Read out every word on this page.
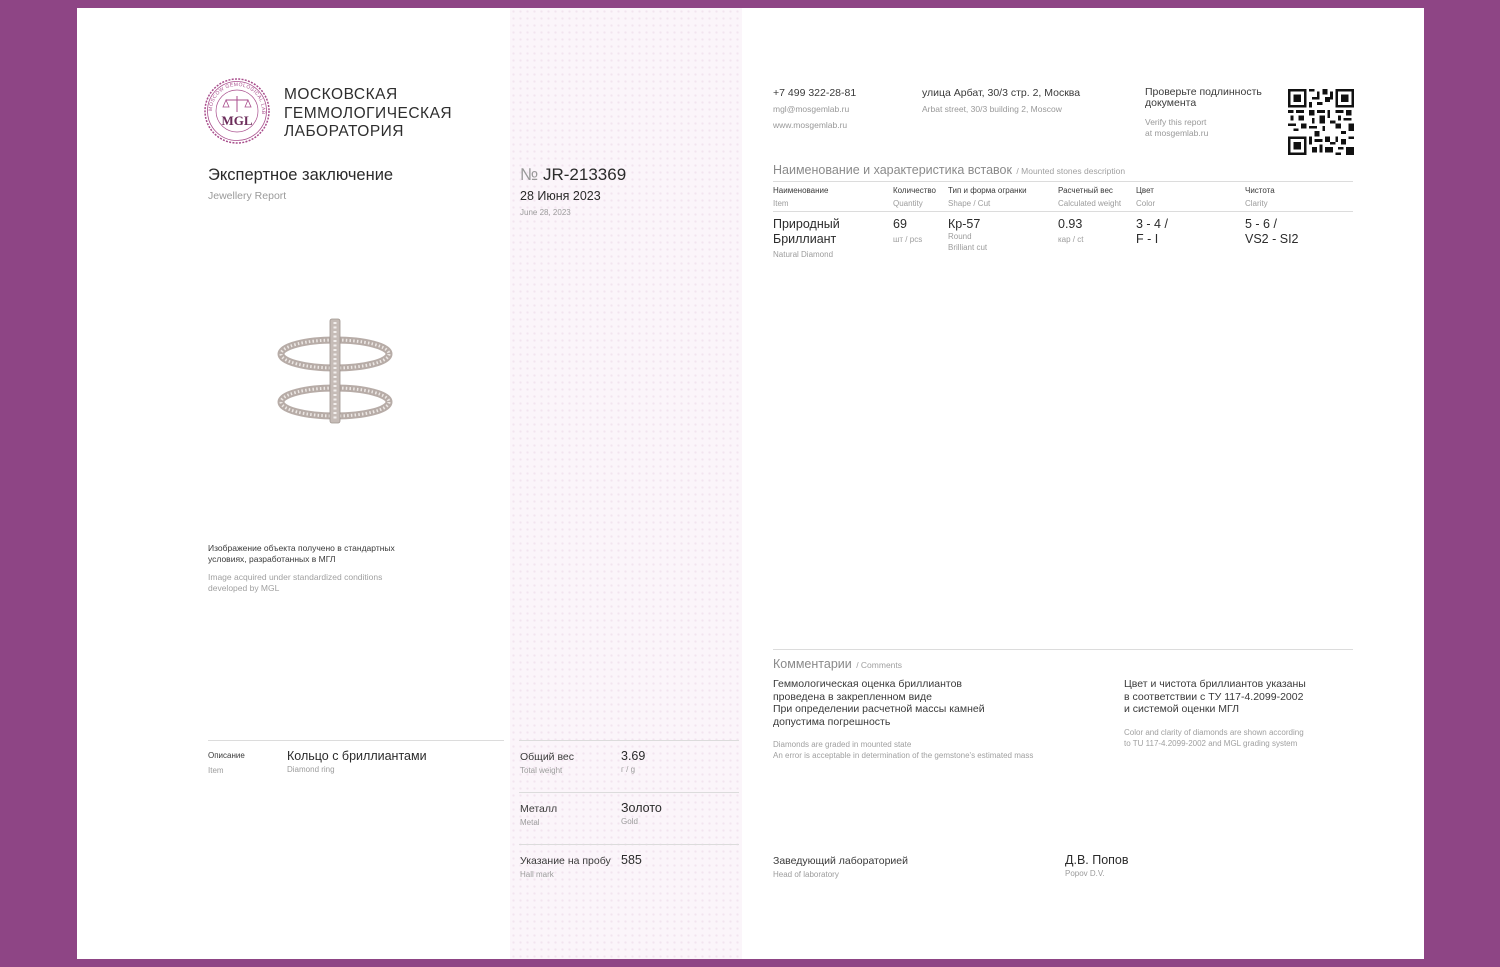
MOSCOW GEMOLOGICAL LAB
MGL
МОСКОВСКАЯ
ГЕММОЛОГИЧЕСКАЯ
ЛАБОРАТОРИЯ
Экспертное заключение
Jewellery Report
№ JR-213369
28 Июня 2023
June 28, 2023
Изображение объекта получено в стандартных
условиях, разработанных в МГЛ
Image acquired under standardized conditions
developed by MGL
+7 499 322-28-81
mgl@mosgemlab.ru
www.mosgemlab.ru
улица Арбат, 30/3 стр. 2, Москва
Arbat street, 30/3 building 2, Moscow
Проверьте подлинность
документа
Verify this report
at mosgemlab.ru
Наименование и характеристика вставок / Mounted stones description
Наименование
Item
Количество
Quantity
Тип и форма огранки
Shape / Cut
Расчетный вес
Calculated weight
Цвет
Color
Чистота
Clarity
Природный
Бриллиант
Natural Diamond
69
шт / pcs
Кр-57
Round
Brilliant cut
0.93
кар / ct
3 - 4 /
F - I
5 - 6 /
VS2 - SI2
Комментарии / Comments
Геммологическая оценка бриллиантов
проведена в закрепленном виде
При определении расчетной массы камней
допустима погрешность
Diamonds are graded in mounted state
An error is acceptable in determination of the gemstone's estimated mass
Цвет и чистота бриллиантов указаны
в соответствии с ТУ 117-4.2099-2002
и системой оценки МГЛ
Color and clarity of diamonds are shown according
to TU 117-4.2099-2002 and MGL grading system
Описание
Item
Кольцо с бриллиантами
Diamond ring
Общий вес
Total weight
3.69
г / g
Металл
Metal
Золото
Gold
Указание на пробу
Hall mark
585	Заведующий лабораторией
Head of laboratory
Д.В. Попов
Popov D.V.
